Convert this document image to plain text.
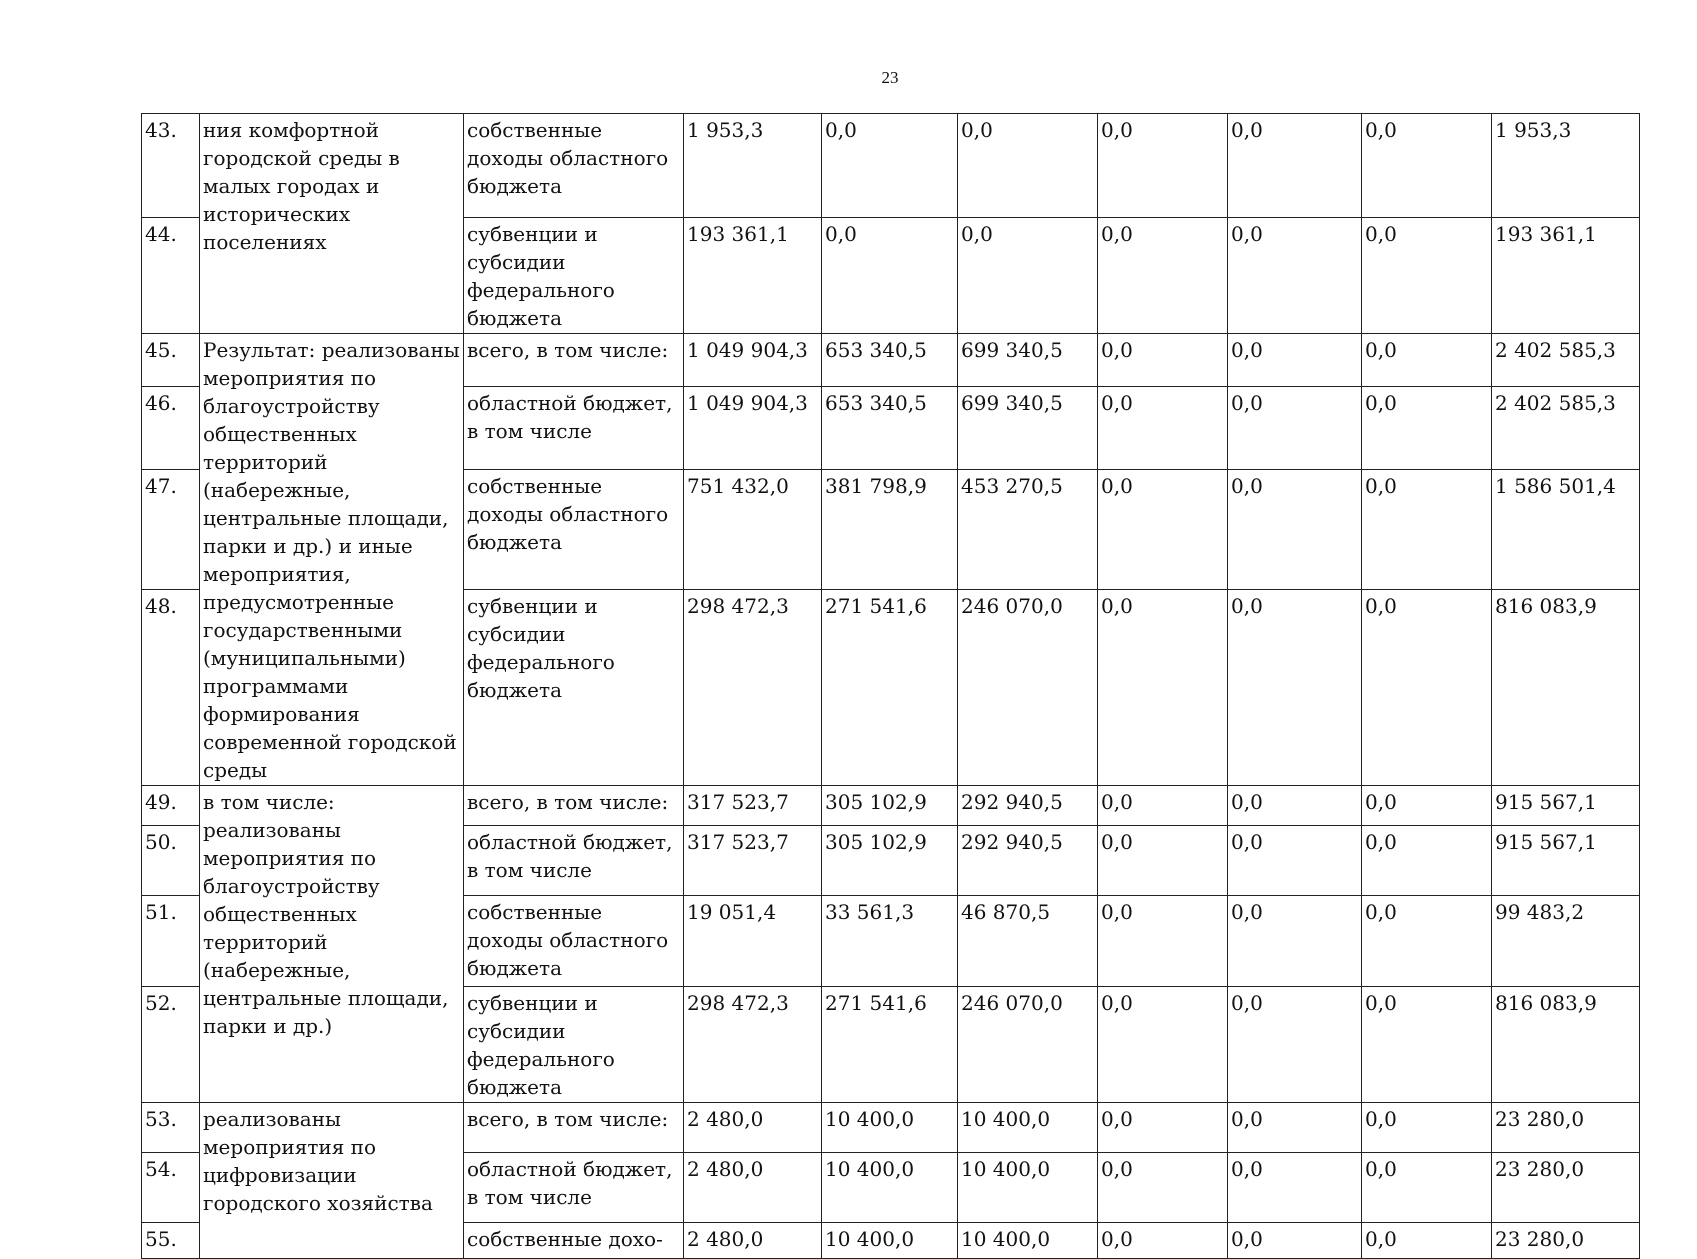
23
43.	ния комфортной городской среды в малых городах и исторических поселениях	собственные доходы областного бюджета	1 953,3	0,0	0,0	0,0	0,0	0,0	1 953,3
44.		субвенции и субсидии федерального бюджета	193 361,1	0,0	0,0	0,0	0,0	0,0	193 361,1
45.	Результат: реализованы мероприятия по благоустройству общественных территорий (набережные, центральные площади, парки и др.) и иные мероприятия, предусмотренные государственными (муниципальными) программами формирования современной городской среды	всего, в том числе:	1 049 904,3	653 340,5	699 340,5	0,0	0,0	0,0	2 402 585,3
46.		областной бюджет, в том числе	1 049 904,3	653 340,5	699 340,5	0,0	0,0	0,0	2 402 585,3
47.		собственные доходы областного бюджета	751 432,0	381 798,9	453 270,5	0,0	0,0	0,0	1 586 501,4
48.		субвенции и субсидии федерального бюджета	298 472,3	271 541,6	246 070,0	0,0	0,0	0,0	816 083,9
49.	в том числе: реализованы мероприятия по благоустройству общественных территорий (набережные, центральные площади, парки и др.)	всего, в том числе:	317 523,7	305 102,9	292 940,5	0,0	0,0	0,0	915 567,1
50.		областной бюджет, в том числе	317 523,7	305 102,9	292 940,5	0,0	0,0	0,0	915 567,1
51.		собственные доходы областного бюджета	19 051,4	33 561,3	46 870,5	0,0	0,0	0,0	99 483,2
52.		субвенции и субсидии федерального бюджета	298 472,3	271 541,6	246 070,0	0,0	0,0	0,0	816 083,9
53.	реализованы мероприятия по цифровизации городского хозяйства	всего, в том числе:	2 480,0	10 400,0	10 400,0	0,0	0,0	0,0	23 280,0
54.		областной бюджет, в том числе	2 480,0	10 400,0	10 400,0	0,0	0,0	0,0	23 280,0
55.		собственные дохо-	2 480,0	10 400,0	10 400,0	0,0	0,0	0,0	23 280,0
